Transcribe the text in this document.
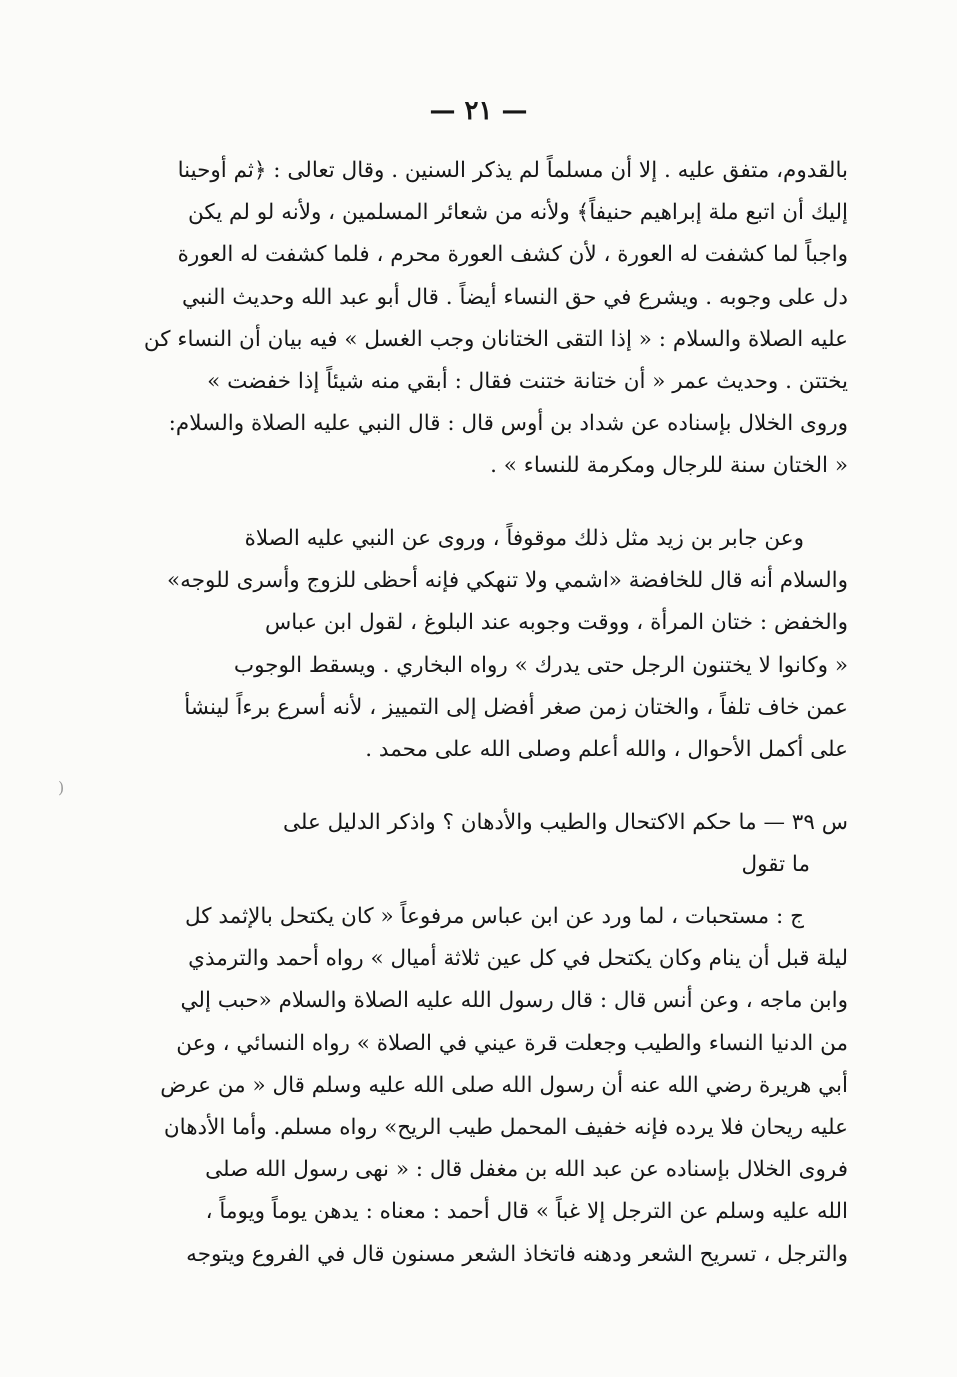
— ٢١ —
بالقدوم، متفق عليه . إلا أن مسلماً لم يذكر السنين . وقال تعالى : ﴿ثم أوحينا
إليك أن اتبع ملة إبراهيم حنيفاً﴾ ولأنه من شعائر المسلمين ، ولأنه لو لم يكن
واجباً لما كشفت له العورة ، لأن كشف العورة محرم ، فلما كشفت له العورة
دل على وجوبه . ويشرع في حق النساء أيضاً . قال أبو عبد الله وحديث النبي
عليه الصلاة والسلام : « إذا التقى الختانان وجب الغسل » فيه بيان أن النساء كن
يختتن . وحديث عمر « أن ختانة ختنت فقال : أبقي منه شيئاً إذا خفضت »
وروى الخلال بإسناده عن شداد بن أوس قال : قال النبي عليه الصلاة والسلام:
« الختان سنة للرجال ومكرمة للنساء » .
وعن جابر بن زيد مثل ذلك موقوفاً ، وروى عن النبي عليه الصلاة
والسلام أنه قال للخافضة «اشمي ولا تنهكي فإنه أحظى للزوج وأسرى للوجه»
والخفض : ختان المرأة ، ووقت وجوبه عند البلوغ ، لقول ابن عباس
« وكانوا لا يختنون الرجل حتى يدرك » رواه البخاري . ويسقط الوجوب
عمن خاف تلفاً ، والختان زمن صغر أفضل إلى التمييز ، لأنه أسرع برءاً لينشأ
على أكمل الأحوال ، والله أعلم وصلى الله على محمد .
)
س ٣٩ — ما حكم الاكتحال والطيب والأدهان ؟ واذكر الدليل على
ما تقول
ج : مستحبات ، لما ورد عن ابن عباس مرفوعاً « كان يكتحل بالإثمد كل
ليلة قبل أن ينام وكان يكتحل في كل عين ثلاثة أميال » رواه أحمد والترمذي
وابن ماجه ، وعن أنس قال : قال رسول الله عليه الصلاة والسلام «حبب إلي
من الدنيا النساء والطيب وجعلت قرة عيني في الصلاة » رواه النسائي ، وعن
أبي هريرة رضي الله عنه أن رسول الله صلى الله عليه وسلم قال « من عرض
عليه ريحان فلا يرده فإنه خفيف المحمل طيب الريح» رواه مسلم. وأما الأدهان
فروى الخلال بإسناده عن عبد الله بن مغفل قال : « نهى رسول الله صلى
الله عليه وسلم عن الترجل إلا غباً » قال أحمد : معناه : يدهن يوماً ويوماً ،
والترجل ، تسريح الشعر ودهنه فاتخاذ الشعر مسنون قال في الفروع ويتوجه
